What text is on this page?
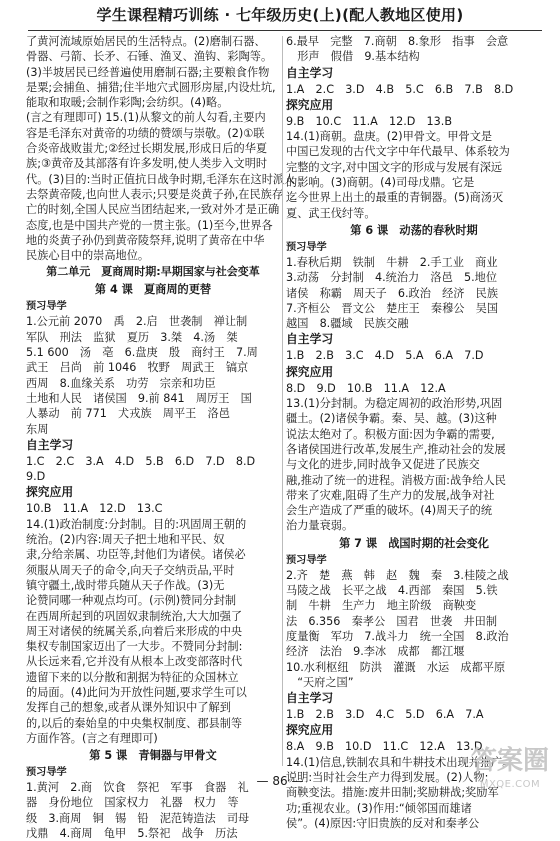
学生课程精巧训练 · 七年级历史(上)(配人教地区使用)
了黄河流域原始居民的生活特点。(2)磨制石器、
骨器、弓箭、长矛、石锤、渔叉、渔钩、彩陶等。
(3)半坡居民已经普遍使用磨制石器;主要粮食作物
是粟;会捕鱼、捕猎;住半地穴式圆形房屋,内设灶坑,
能取和取暖;会制作彩陶;会纺织。(4)略。
(言之有理即可) 15.(1)从黎文的前人勾看,主要内
容是毛泽东对黄帝的功绩的赞颂与崇敬。(2)①联
合炎帝战败蚩尤;②经过长期发展,形成日后的华夏
族;③黄帝及其部落有许多发明,使人类步入文明时
代。(3)目的:当时正值抗日战争时期,毛泽东在这时派人
去祭黄帝陵,也向世人表示;只要是炎黄子孙,在民族存
亡的时刻,全国人民应当团结起来,一致对外才是正确
态度,也是中国共产党的一贯主张。(1)至今,世界各
地的炎黄子孙仍到黄帝陵祭拜,说明了黄帝在中华
民族心目中的崇高地位。
第二单元　夏商周时期:早期国家与社会变革
第 4 课　夏商周的更替
预习导学
1.公元前 2070　禹　2.启　世袭制　禅让制
军队　刑法　监狱　夏历　3.桀　4.汤　桀
5.1 600　汤　亳　6.盘庚　殷　商纣王　7.周
武王　吕尚　前 1046　牧野　周武王　镐京
西周　8.血缘关系　功劳　宗亲和功臣
土地和人民　诸侯国　9.前 841　周厉王　国
人暴动　前 771　犬戎族　周平王　洛邑
东周
自主学习
1.C　2.C　3.A　4.D　5.B　6.D　7.D　8.D
9.D
探究应用
10.B　11.A　12.D　13.C
14.(1)政治制度:分封制。目的:巩固周王朝的
统治。(2)内容:周天子把土地和平民、奴
隶,分给亲属、功臣等,封他们为诸侯。诸侯必
须服从周天子的命令,向天子交纳贡品,平时
镇守疆土,战时带兵随从天子作战。(3)无
论赞同哪一种观点均可。(示例)赞同分封制
在西周所起到的巩固奴隶制统治,大大加强了
周王对诸侯的统属关系,向着后来形成的中央
集权专制国家迈出了一大步。不赞同分封制:
从长远来看,它并没有从根本上改变部落时代
遗留下来的以分散和割据为特征的众国林立
的局面。(4)此问为开放性问题,要求学生可以
发挥自己的想象,或者从课外知识中了解到
的,以后的秦始皇的中央集权制度、郡县制等
方面作答。(言之有理即可)
第 5 课　青铜器与甲骨文
预习导学
1.黄河　2.商　饮食　祭祀　军事　食器　礼
器　身份地位　国家权力　礼器　权力　等
级　3.商周　铜　锡　铅　泥范铸造法　司母
戊鼎　4.商周　龟甲　5.祭祀　战争　历法
6.最早　完整　7.商朝　8.象形　指事　会意
　形声　假借　9.基本结构
自主学习
1.A　2.C　3.D　4.B　5.C　6.B　7.B　8.D
探究应用
9.B　10.C　11.A　12.D　13.B
14.(1)商朝。盘庚。(2)甲骨文。甲骨文是
中国已发现的古代文字中年代最早、体系较为
完整的文字,对中国文字的形成与发展有深远
的影响。(3)商朝。(4)司母戊鼎。它是
迄今世界上出土的最重的青铜器。(5)商汤灭
夏、武王伐纣等。
第 6 课　动荡的春秋时期
预习导学
1.春秋后期　铁制　牛耕　2.手工业　商业
3.动荡　分封制　4.统治力　洛邑　5.地位
诸侯　称霸　周天子　6.政治　经济　民族
7.齐桓公　晋文公　楚庄王　秦穆公　吴国
越国　8.疆域　民族交融
自主学习
1.B　2.B　3.C　4.D　5.A　6.A　7.D
探究应用
8.D　9.D　10.B　11.A　12.A
13.(1)分封制。为稳定周初的政治形势,巩固
疆土。(2)诸侯争霸。秦、吴、越。(3)这种
说法太绝对了。积极方面:因为争霸的需要,
各诸侯国进行改革,发展生产,推动社会的发展
与文化的进步,同时战争又促进了民族交
融,推动了统一的进程。消极方面:战争给人民
带来了灾难,阻碍了生产力的发展,战争对社
会生产造成了严重的破坏。(4)周天子的统
治力量衰弱。
第 7 课　战国时期的社会变化
预习导学
2.齐　楚　燕　韩　赵　魏　秦　3.桂陵之战
马陵之战　长平之战　4.西部　秦国　5.铁
制　牛耕　生产力　地主阶级　商鞅变
法　6.356　秦孝公　国君　世袭　井田制
度量衡　军功　7.战斗力　统一全国　8.政治
经济　法治　9.李冰　成都　都江堰
10.水利枢纽　防洪　灌溉　水运　成都平原
　“天府之国”
自主学习
1.B　2.B　3.D　4.C　5.D　6.A　7.A
探究应用
8.A　9.B　10.D　11.C　12.A　13.D
14.(1)信息,铁制农具和牛耕技术出现并推广。
说明:当时社会生产力得到发展。(2)人物:
商鞅变法。措施:废井田制;奖励耕战;奖励军
功;重视农业。(3)作用:“倾邻国而雄诸
侯”。(4)原因:守旧贵族的反对和秦孝公
— 86 —
答案圈
MXQE.COM
